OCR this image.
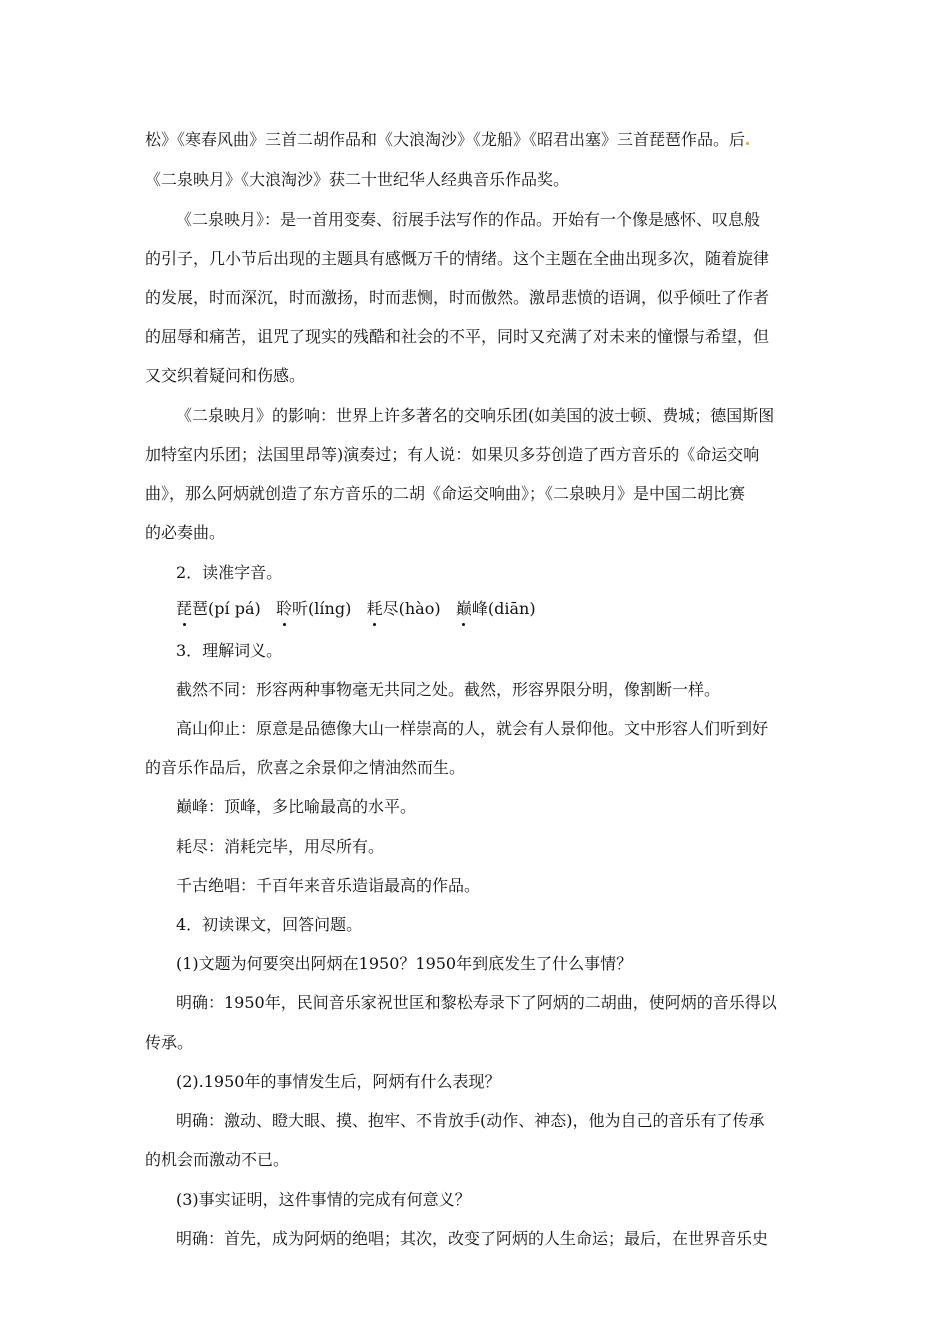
松》《寒春风曲》三首二胡作品和《大浪淘沙》《龙船》《昭君出塞》三首琵琶作品。后
《二泉映月》《大浪淘沙》获二十世纪华人经典音乐作品奖。
《二泉映月》：是一首用变奏、衍展手法写作的作品。开始有一个像是感怀、叹息般
的引子，几小节后出现的主题具有感慨万千的情绪。这个主题在全曲出现多次，随着旋律
的发展，时而深沉，时而激扬，时而悲恻，时而傲然。激昂悲愤的语调，似乎倾吐了作者
的屈辱和痛苦，诅咒了现实的残酷和社会的不平，同时又充满了对未来的憧憬与希望，但
又交织着疑问和伤感。
《二泉映月》的影响：世界上许多著名的交响乐团(如美国的波士顿、费城；德国斯图
加特室内乐团；法国里昂等)演奏过；有人说：如果贝多芬创造了西方音乐的《命运交响
曲》，那么阿炳就创造了东方音乐的二胡《命运交响曲》；《二泉映月》是中国二胡比赛
的必奏曲。
2．读准字音。
琵琶(pí pá) 聆听(líng) 耗尽(hào) 巅峰(diān)
3．理解词义。
截然不同：形容两种事物毫无共同之处。截然，形容界限分明，像割断一样。
高山仰止：原意是品德像大山一样崇高的人，就会有人景仰他。文中形容人们听到好
的音乐作品后，欣喜之余景仰之情油然而生。
巅峰：顶峰，多比喻最高的水平。
耗尽：消耗完毕，用尽所有。
千古绝唱：千百年来音乐造诣最高的作品。
4．初读课文，回答问题。
(1)文题为何要突出阿炳在1950？1950年到底发生了什么事情？
明确：1950年，民间音乐家祝世匡和黎松寿录下了阿炳的二胡曲，使阿炳的音乐得以
传承。
(2).1950年的事情发生后，阿炳有什么表现？
明确：激动、瞪大眼、摸、抱牢、不肯放手(动作、神态)，他为自己的音乐有了传承
的机会而激动不已。
(3)事实证明，这件事情的完成有何意义？
明确：首先，成为阿炳的绝唱；其次，改变了阿炳的人生命运；最后，在世界音乐史
